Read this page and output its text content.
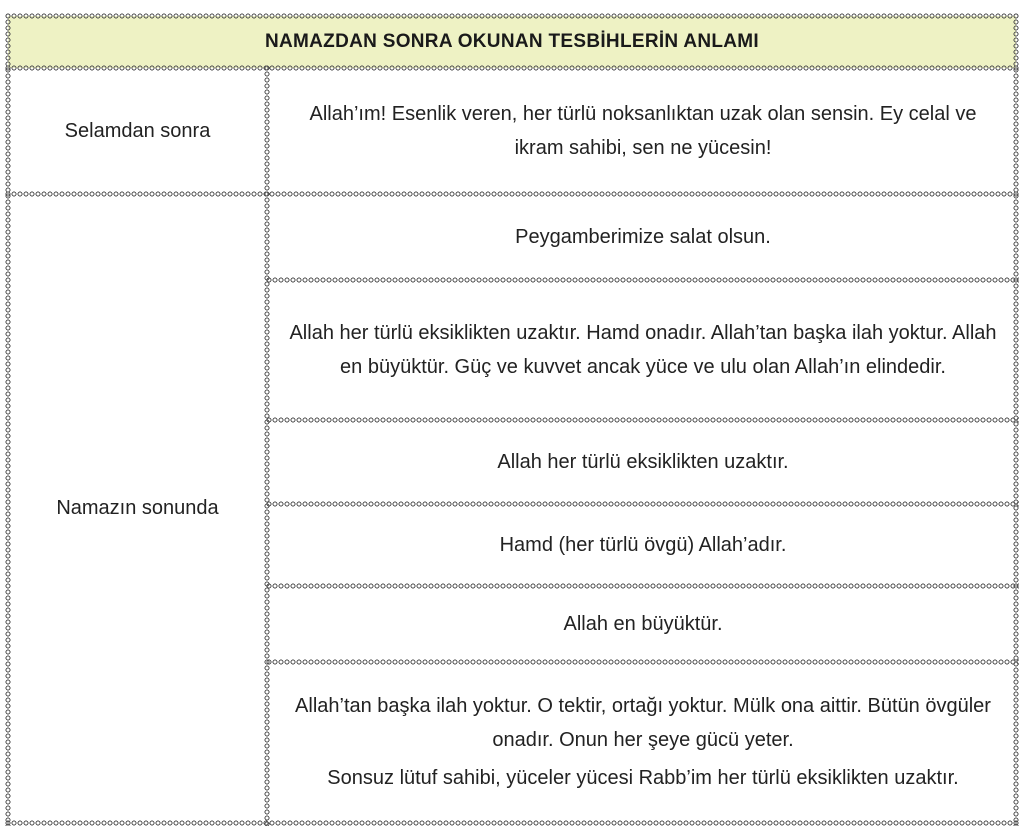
NAMAZDAN SONRA OKUNAN TESBİHLERİN ANLAMI
Selamdan sonra
Namazın sonunda
Allah’ım! Esenlik veren, her türlü noksanlıktan uzak olan sensin. Ey celal ve ikram sahibi, sen ne yücesin!
Peygamberimize salat olsun.
Allah her türlü eksiklikten uzaktır. Hamd onadır. Allah’tan başka ilah yoktur. Allah en büyüktür. Güç ve kuvvet ancak yüce ve ulu olan Allah’ın elindedir.
Allah her türlü eksiklikten uzaktır.
Hamd (her türlü övgü) Allah’adır.
Allah en büyüktür.

Allah’tan başka ilah yoktur. O tektir, ortağı yoktur. Mülk ona aittir. Bütün övgüler onadır. Onun her şeye gücü yeter.

Sonsuz lütuf sahibi, yüceler yücesi Rabb’im her türlü eksiklikten uzaktır.
